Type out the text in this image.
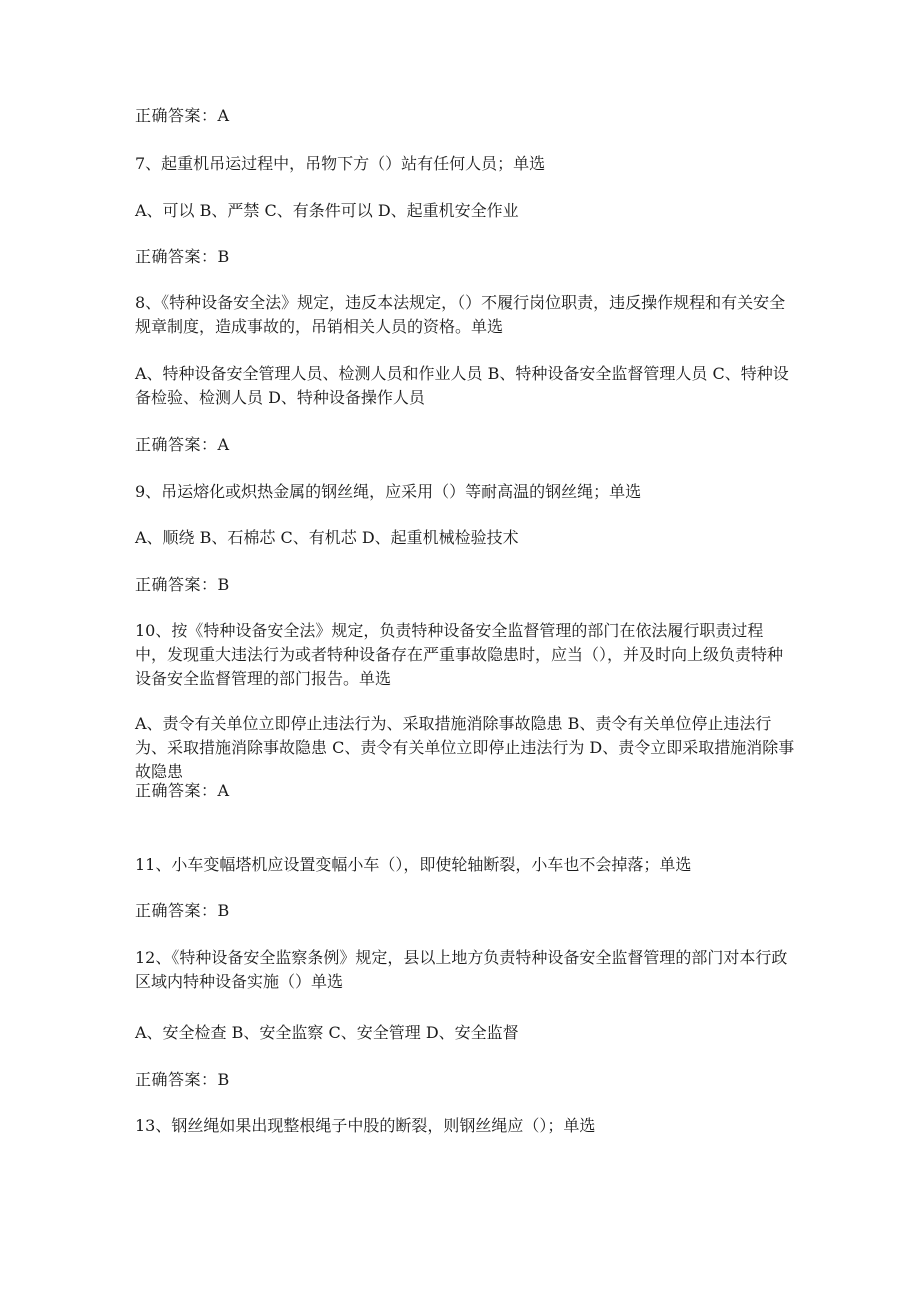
正确答案：A
7、起重机吊运过程中，吊物下方（）站有任何人员；单选
A、可以 B、严禁 C、有条件可以 D、起重机安全作业
正确答案：B
8、《特种设备安全法》规定，违反本法规定，（）不履行岗位职责，违反操作规程和有关安全规章制度，造成事故的，吊销相关人员的资格。单选
A、特种设备安全管理人员、检测人员和作业人员 B、特种设备安全监督管理人员 C、特种设备检验、检测人员 D、特种设备操作人员
正确答案：A
9、吊运熔化或炽热金属的钢丝绳，应采用（）等耐高温的钢丝绳；单选
A、顺绕 B、石棉芯 C、有机芯 D、起重机械检验技术
正确答案：B
10、按《特种设备安全法》规定，负责特种设备安全监督管理的部门在依法履行职责过程中，发现重大违法行为或者特种设备存在严重事故隐患时，应当（），并及时向上级负责特种设备安全监督管理的部门报告。单选
A、责令有关单位立即停止违法行为、采取措施消除事故隐患 B、责令有关单位停止违法行为、采取措施消除事故隐患 C、责令有关单位立即停止违法行为 D、责令立即采取措施消除事故隐患
正确答案：A
11、小车变幅塔机应设置变幅小车（），即使轮轴断裂，小车也不会掉落；单选
正确答案：B
12、《特种设备安全监察条例》规定，县以上地方负责特种设备安全监督管理的部门对本行政区域内特种设备实施（）单选
A、安全检查 B、安全监察 C、安全管理 D、安全监督
正确答案：B
13、钢丝绳如果出现整根绳子中股的断裂，则钢丝绳应（）；单选
